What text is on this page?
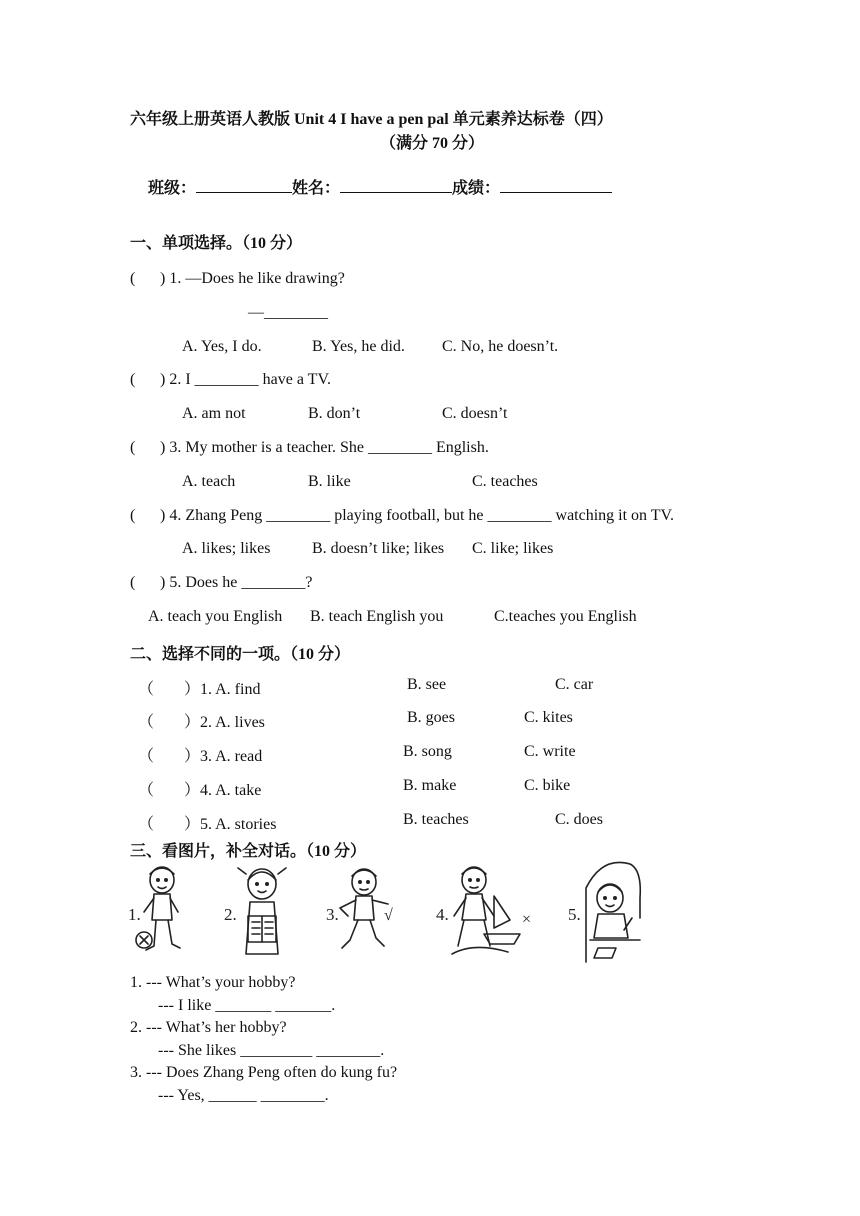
六年级上册英语人教版 Unit 4 I have a pen pal 单元素养达标卷（四）
（满分 70 分）
班级：	姓名：	成绩：
一、单项选择。（10 分）
( ) 1. —Does he like drawing?
—________
A. Yes, I do.	B. Yes, he did. C. No, he doesn’t.
( ) 2. I ________ have a TV.
A. am not	B. don’t	C. doesn’t
( ) 3. My mother is a teacher. She ________ English.
A. teach	B. like	C. teaches
( ) 4. Zhang Peng ________ playing football, but he ________ watching it on TV.
A. likes; likes	B. doesn’t like; likes C. like; likes
( ) 5. Does he ________?
A. teach you English B. teach English you	C.teaches you English
二、选择不同的一项。（10 分）
（ ）1. A. find	B. see	C. car
（ ）2. A. lives	B. goes	C. kites
（ ）3. A. read	B. song	C. write
（ ）4. A. take	B. make	C. bike
（ ）5. A. stories	B. teaches	C. does
三、看图片，补全对话。（10 分）
1.	2.	3.	√	4.	× 5.
1. --- What’s your hobby?
--- I like _______ _______.
2. --- What’s her hobby?
--- She likes _________ ________.
3. --- Does Zhang Peng often do kung fu?
--- Yes, ______ ________.
